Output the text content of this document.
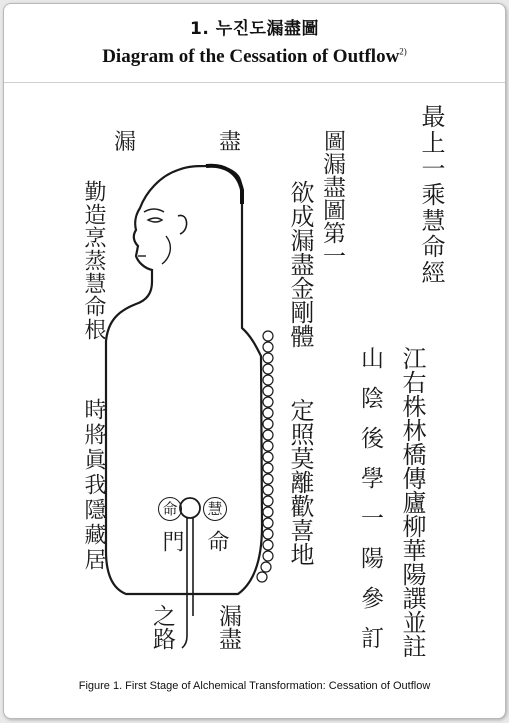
1. 누진도漏盡圖
Diagram of the Cessation of Outflow$^{2)}$
漏 盡 圖 最上一乘慧命經
漏盡圖第一
欲成漏盡金剛體
江右株林橋傳廬柳華陽譔並註
山陰後學一陽參訂
勤造烹蒸慧命根
時將眞我隱藏居	定照莫離歡喜地
命	慧
門 命
之路 漏盡
Figure 1. First Stage of Alchemical Transformation: Cessation of Outflow
